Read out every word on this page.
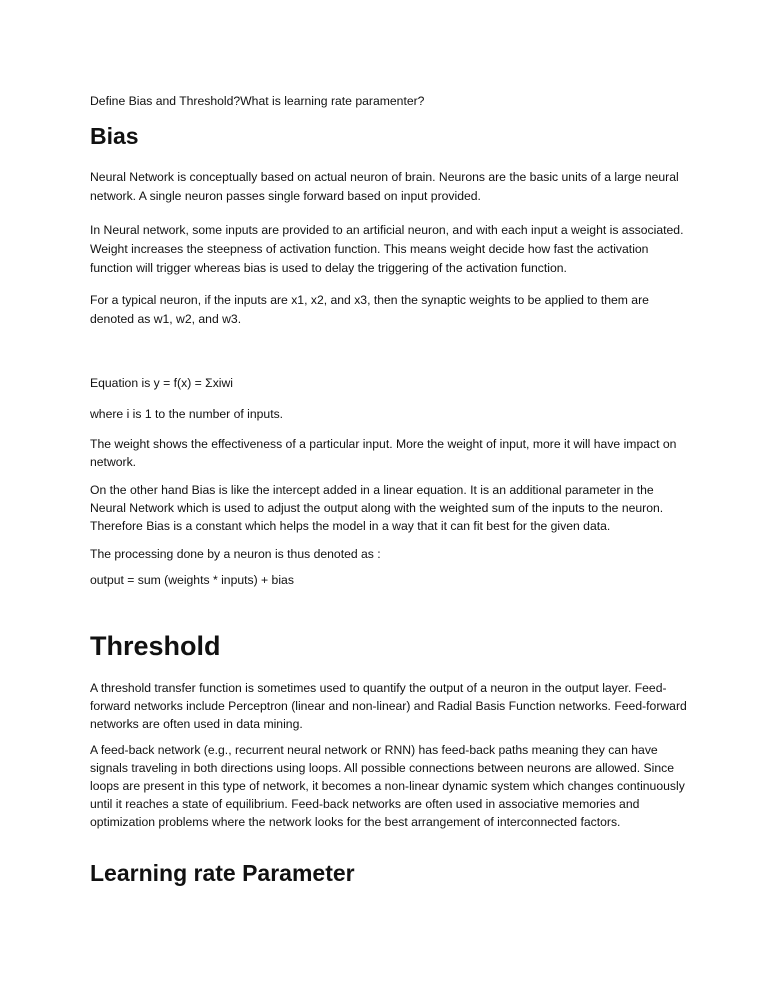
Define Bias and Threshold?What is learning rate paramenter?

Bias

Neural Network is conceptually based on actual neuron of brain. Neurons are the basic units of a large neural network. A single neuron passes single forward based on input provided.

In Neural network, some inputs are provided to an artificial neuron, and with each input a weight is associated. Weight increases the steepness of activation function. This means weight decide how fast the activation function will trigger whereas bias is used to delay the triggering of the activation function.

For a typical neuron, if the inputs are x1, x2, and x3, then the synaptic weights to be applied to them are denoted as w1, w2, and w3.

Equation is y = f(x) = Σxiwi

where i is 1 to the number of inputs.

The weight shows the effectiveness of a particular input. More the weight of input, more it will have impact on network.

On the other hand Bias is like the intercept added in a linear equation. It is an additional parameter in the Neural Network which is used to adjust the output along with the weighted sum of the inputs to the neuron. Therefore Bias is a constant which helps the model in a way that it can fit best for the given data.

The processing done by a neuron is thus denoted as :

output = sum (weights * inputs) + bias

Threshold

A threshold transfer function is sometimes used to quantify the output of a neuron in the output layer. Feed-forward networks include Perceptron (linear and non-linear) and Radial Basis Function networks. Feed-forward networks are often used in data mining.

A feed-back network (e.g., recurrent neural network or RNN) has feed-back paths meaning they can have signals traveling in both directions using loops. All possible connections between neurons are allowed. Since loops are present in this type of network, it becomes a non-linear dynamic system which changes continuously until it reaches a state of equilibrium. Feed-back networks are often used in associative memories and optimization problems where the network looks for the best arrangement of interconnected factors.

Learning rate Parameter
